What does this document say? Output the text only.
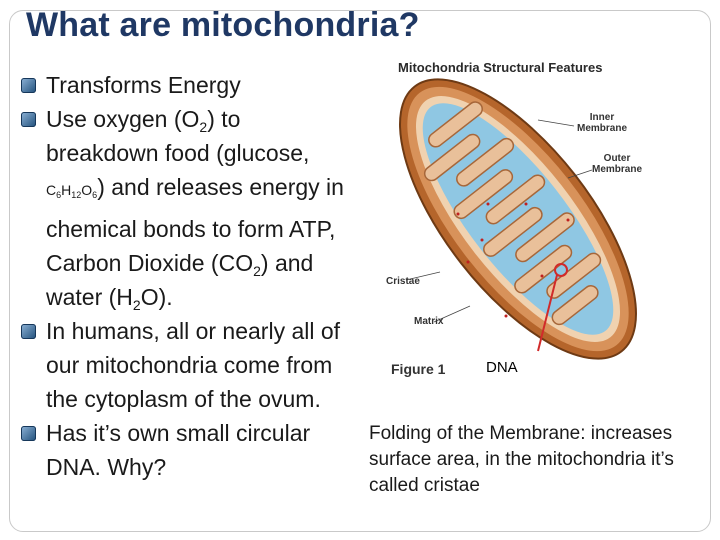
What are mitochondria?
Transforms Energy
Use oxygen $(O_2)$ to breakdown food (glucose, $C_6H_{12}O_6$) and releases energy in chemical bonds to form ATP, Carbon Dioxide $(CO_2)$ and water $(H_2O)$.
In humans, all or nearly all of our mitochondria come from the cytoplasm of the ovum.
Has it’s own small circular DNA. Why?
Mitochondria Structural Features
Inner
Membrane
Outer
Membrane
Cristae
Matrix
Figure 1	DNA
Folding of the Membrane: increases surface area, in the mitochondria it’s called cristae
